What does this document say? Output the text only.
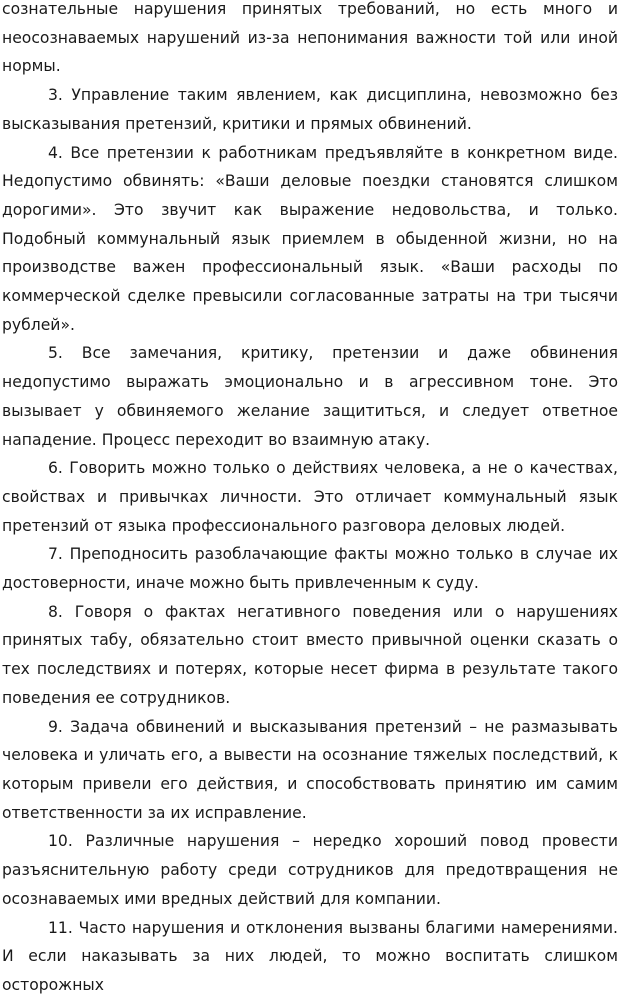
сознательные нарушения принятых требований, но есть много и неосознаваемых нарушений из-за непонимания важности той или иной нормы.

3. Управление таким явлением, как дисциплина, невозможно без высказывания претензий, критики и прямых обвинений.

4. Все претензии к работникам предъявляйте в конкретном виде. Недопустимо обвинять: «Ваши деловые поездки становятся слишком дорогими». Это звучит как выражение недовольства, и только. Подобный коммунальный язык приемлем в обыденной жизни, но на производстве важен профессиональный язык. «Ваши расходы по коммерческой сделке превысили согласованные затраты на три тысячи рублей».

5. Все замечания, критику, претензии и даже обвинения недопустимо выражать эмоционально и в агрессивном тоне. Это вызывает у обвиняемого желание защититься, и следует ответное нападение. Процесс переходит во взаимную атаку.

6. Говорить можно только о действиях человека, а не о качествах, свойствах и привычках личности. Это отличает коммунальный язык претензий от языка профессионального разговора деловых людей.

7. Преподносить разоблачающие факты можно только в случае их достоверности, иначе можно быть привлеченным к суду.

8. Говоря о фактах негативного поведения или о нарушениях принятых табу, обязательно стоит вместо привычной оценки сказать о тех последствиях и потерях, которые несет фирма в результате такого поведения ее сотрудников.

9. Задача обвинений и высказывания претензий – не размазывать человека и уличать его, а вывести на осознание тяжелых последствий, к которым привели его действия, и способствовать принятию им самим ответственности за их исправление.

10. Различные нарушения – нередко хороший повод провести разъяснительную работу среди сотрудников для предотвращения не осознаваемых ими вредных действий для компании.

11. Часто нарушения и отклонения вызваны благими намерениями. И если наказывать за них людей, то можно воспитать слишком осторожных
